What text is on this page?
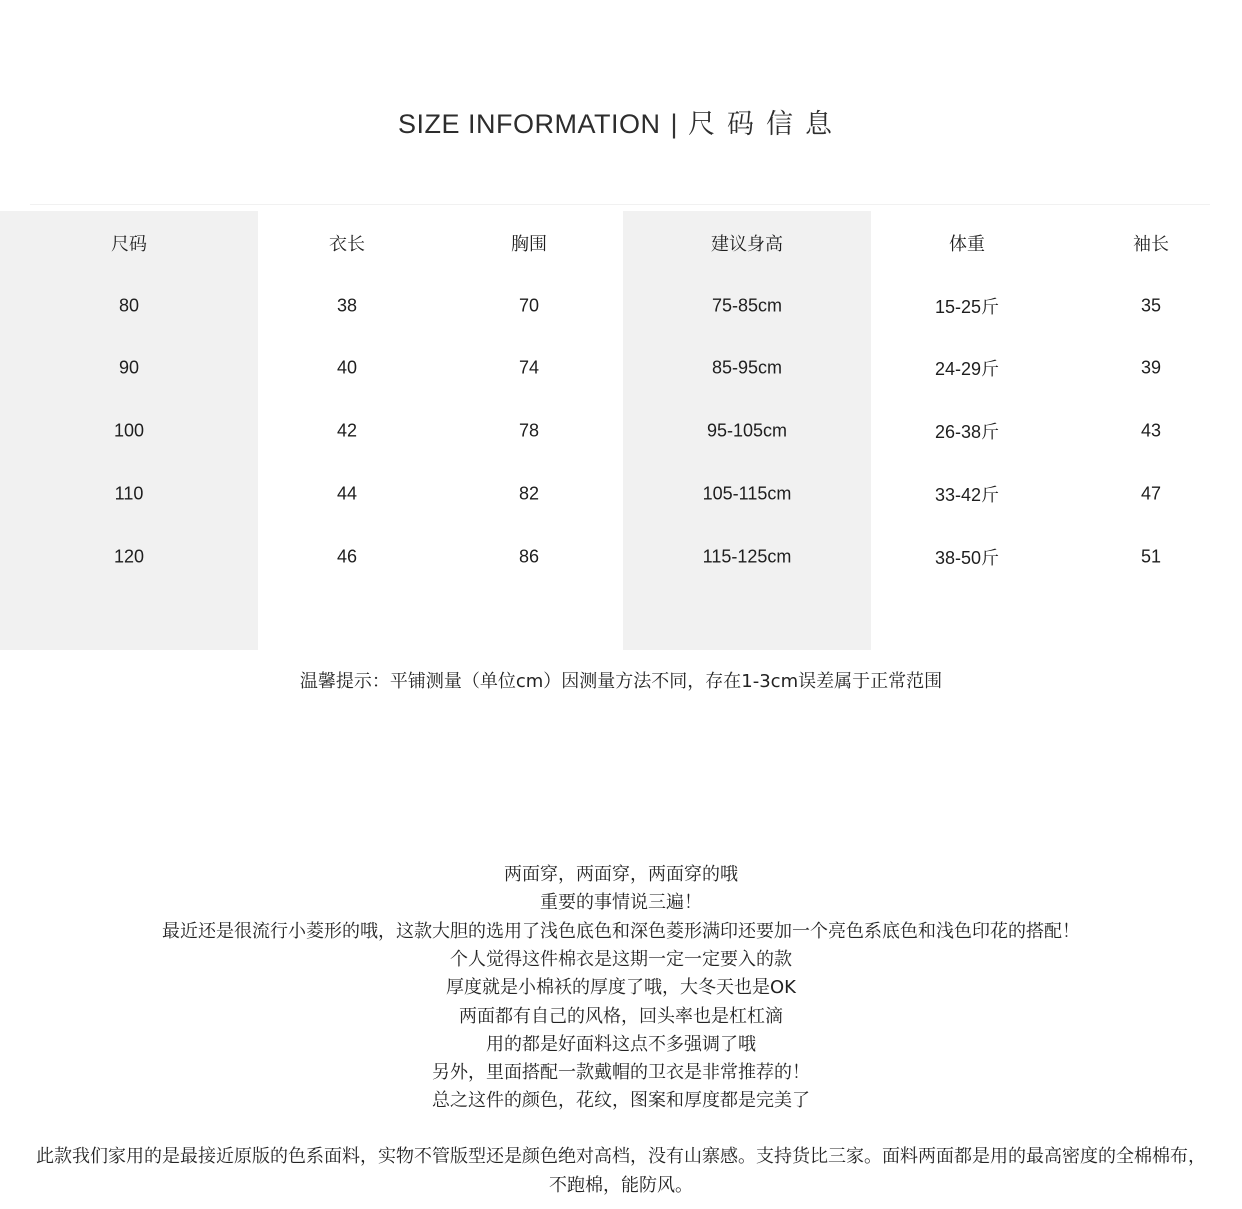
SIZE INFORMATION | 尺码信息
尺码	衣长	胸围	建议身高	体重	袖长
80	38	70	75-85cm	15-25斤	35
90	40	74	85-95cm	24-29斤	39
100	42	78	95-105cm	26-38斤	43
110	44	82	105-115cm	33-42斤	47
120	46	86	115-125cm	38-50斤	51
温馨提示：平铺测量（单位cm）因测量方法不同，存在1-3cm误差属于正常范围
两面穿，两面穿，两面穿的哦
重要的事情说三遍！
最近还是很流行小菱形的哦，这款大胆的选用了浅色底色和深色菱形满印还要加一个亮色系底色和浅色印花的搭配！
个人觉得这件棉衣是这期一定一定要入的款
厚度就是小棉袄的厚度了哦，大冬天也是OK
两面都有自己的风格，回头率也是杠杠滴
用的都是好面料这点不多强调了哦
另外，里面搭配一款戴帽的卫衣是非常推荐的！
总之这件的颜色，花纹，图案和厚度都是完美了
此款我们家用的是最接近原版的色系面料，实物不管版型还是颜色绝对高档，没有山寨感。支持货比三家。面料两面都是用的最高密度的全棉棉布，
不跑棉，能防风。
